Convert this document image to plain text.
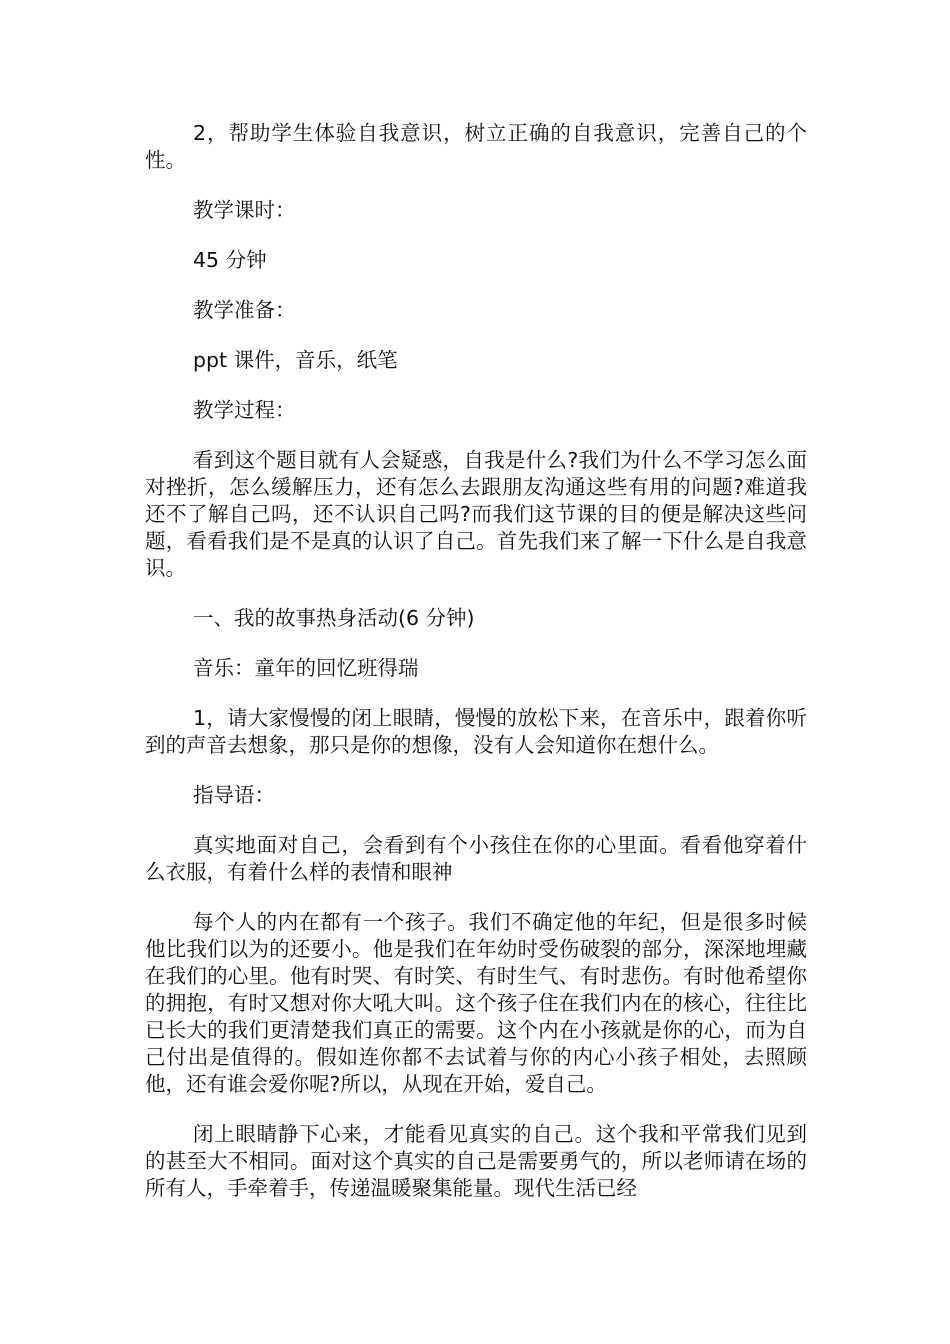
2，帮助学生体验自我意识，树立正确的自我意识，完善自己的个性。

教学课时：

45 分钟

教学准备：

ppt 课件，音乐，纸笔

教学过程：

看到这个题目就有人会疑惑，自我是什么?我们为什么不学习怎么面对挫折，怎么缓解压力，还有怎么去跟朋友沟通这些有用的问题?难道我还不了解自己吗，还不认识自己吗?而我们这节课的目的便是解决这些问题，看看我们是不是真的认识了自己。首先我们来了解一下什么是自我意识。

一、我的故事热身活动(6 分钟)

音乐：童年的回忆班得瑞

1，请大家慢慢的闭上眼睛，慢慢的放松下来，在音乐中，跟着你听到的声音去想象，那只是你的想像，没有人会知道你在想什么。

指导语：

真实地面对自己，会看到有个小孩住在你的心里面。看看他穿着什么衣服，有着什么样的表情和眼神

每个人的内在都有一个孩子。我们不确定他的年纪，但是很多时候他比我们以为的还要小。他是我们在年幼时受伤破裂的部分，深深地埋藏在我们的心里。他有时哭、有时笑、有时生气、有时悲伤。有时他希望你的拥抱，有时又想对你大吼大叫。这个孩子住在我们内在的核心，往往比已长大的我们更清楚我们真正的需要。这个内在小孩就是你的心，而为自己付出是值得的。假如连你都不去试着与你的内心小孩子相处，去照顾他，还有谁会爱你呢?所以，从现在开始，爱自己。

闭上眼睛静下心来，才能看见真实的自己。这个我和平常我们见到的甚至大不相同。面对这个真实的自己是需要勇气的，所以老师请在场的所有人，手牵着手，传递温暖聚集能量。现代生活已经
